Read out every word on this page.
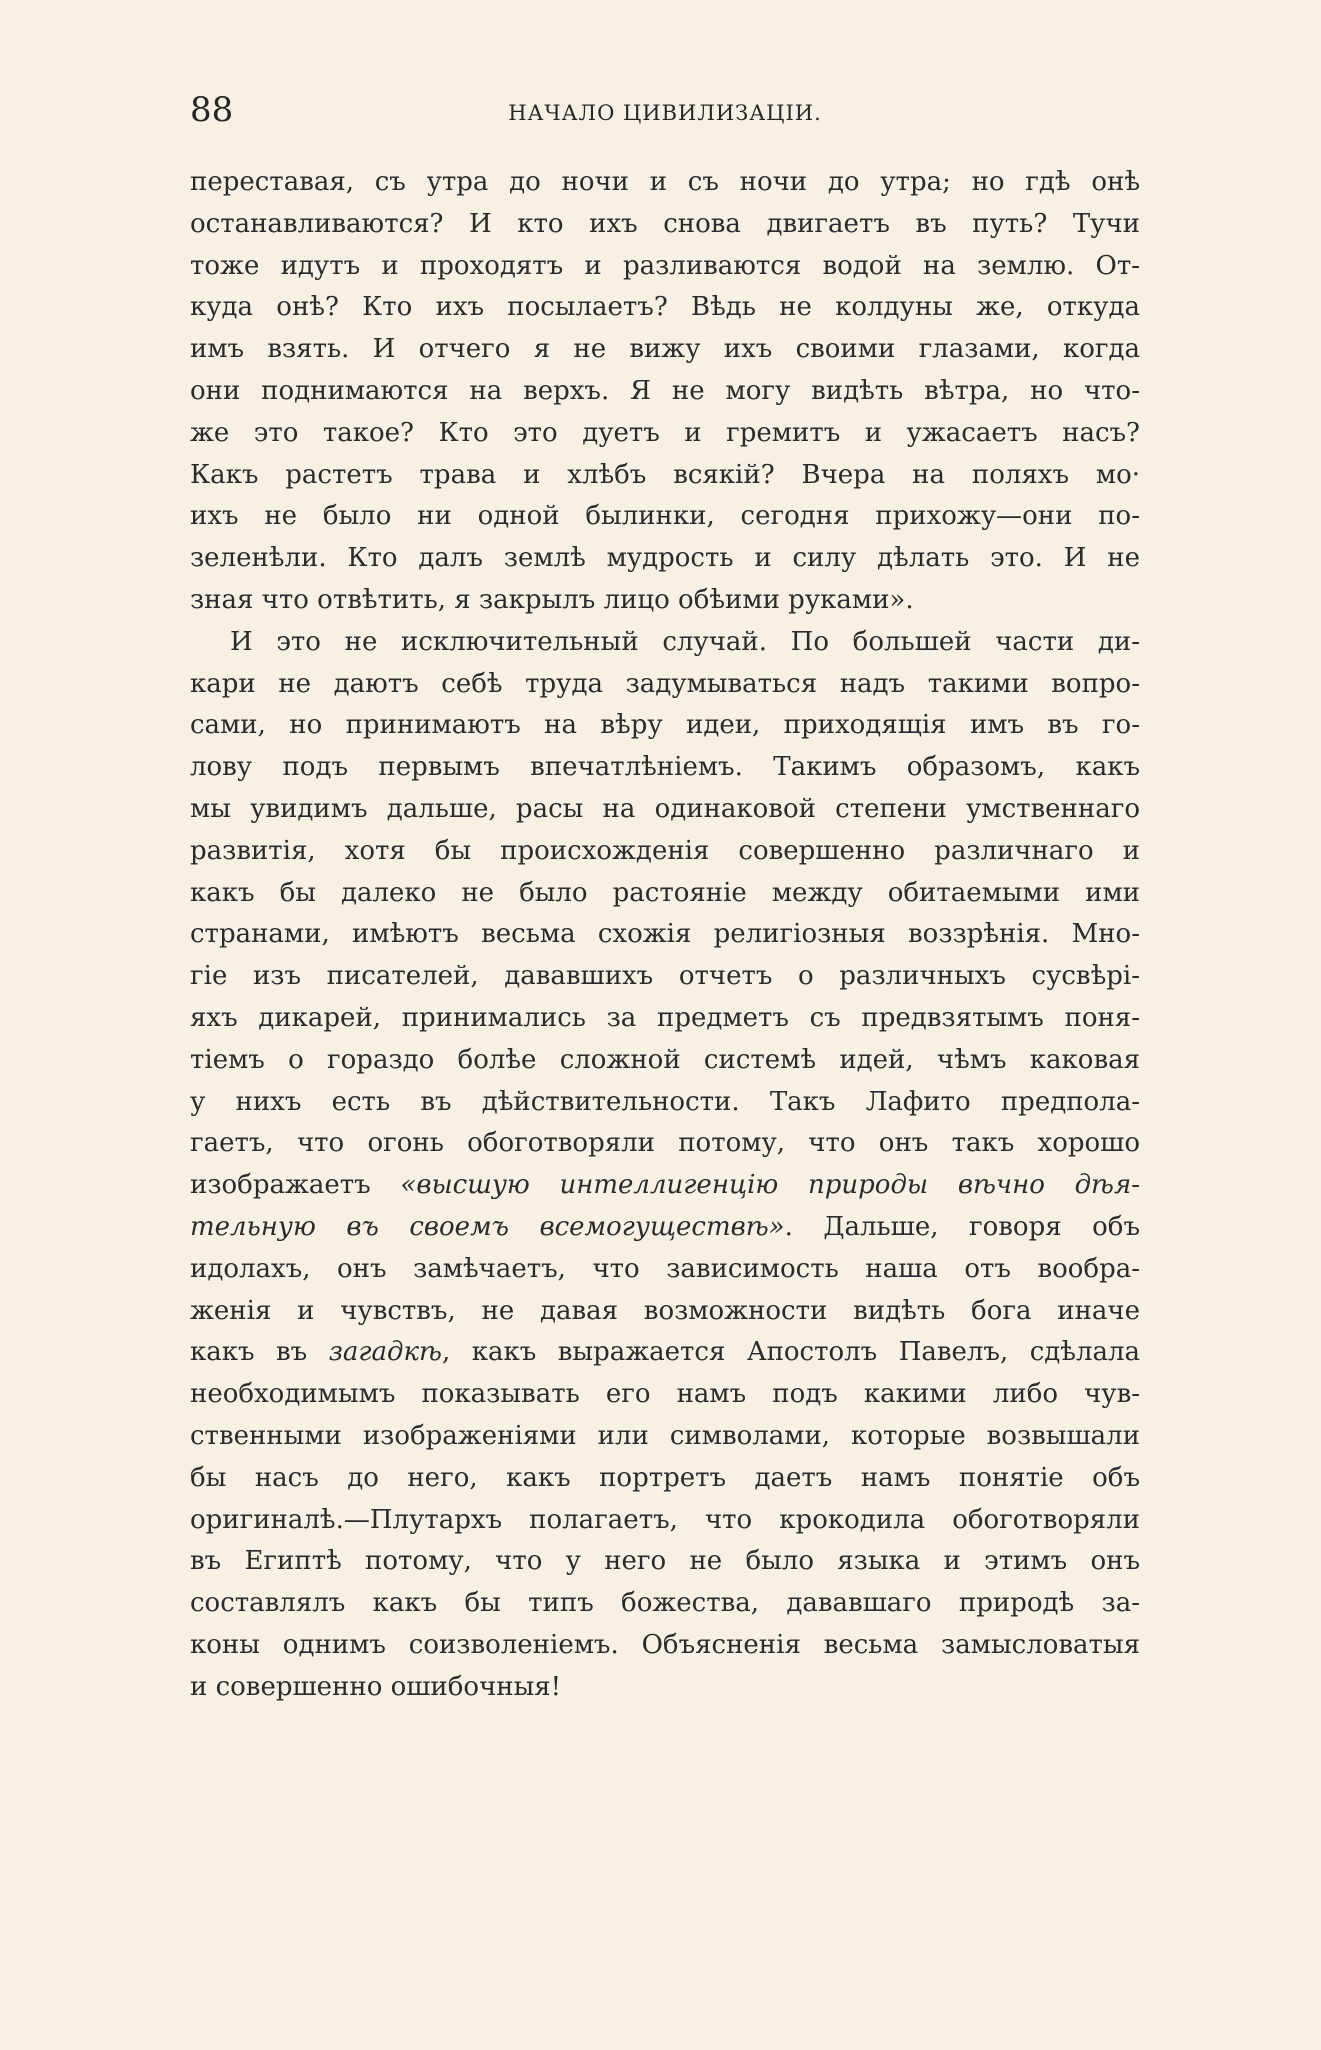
88	НАЧАЛО ЦИВИЛИЗАЦІИ.
переставая, съ утра до ночи и съ ночи до утра; но гдѣ онѣ
останавливаются? И кто ихъ снова двигаетъ въ путь? Тучи
тоже идутъ и проходятъ и разливаются водой на землю. От-
куда онѣ? Кто ихъ посылаетъ? Вѣдь не колдуны же, откуда
имъ взять. И отчего я не вижу ихъ своими глазами, когда
они поднимаются на верхъ. Я не могу видѣть вѣтра, но что-
же это такое? Кто это дуетъ и гремитъ и ужасаетъ насъ?
Какъ растетъ трава и хлѣбъ всякій? Вчера на поляхъ мо·
ихъ не было ни одной былинки, сегодня прихожу—они по-
зеленѣли. Кто далъ землѣ мудрость и силу дѣлать это. И не
зная что отвѣтить, я закрылъ лицо обѣими руками».
И это не исключительный случай. По большей части ди-
кари не даютъ себѣ труда задумываться надъ такими вопро-
сами, но принимаютъ на вѣру идеи, приходящія имъ въ го-
лову подъ первымъ впечатлѣніемъ. Такимъ образомъ, какъ
мы увидимъ дальше, расы на одинаковой степени умственнаго
развитія, хотя бы происхожденія совершенно различнаго и
какъ бы далеко не было растояніе между обитаемыми ими
странами, имѣютъ весьма схожія религіозныя воззрѣнія. Мно-
гіе изъ писателей, дававшихъ отчетъ о различныхъ сусвѣрі-
яхъ дикарей, принимались за предметъ съ предвзятымъ поня-
тіемъ о гораздо болѣе сложной системѣ идей, чѣмъ каковая
у нихъ есть въ дѣйствительности. Такъ Лафито предпола-
гаетъ, что огонь обоготворяли потому, что онъ такъ хорошо
изображаетъ «высшую интеллигенцію природы вѣчно дѣя-
тельную въ своемъ всемогуществѣ». Дальше, говоря объ
идолахъ, онъ замѣчаетъ, что зависимость наша отъ вообра-
женія и чувствъ, не давая возможности видѣть бога иначе
какъ въ загадкѣ, какъ выражается Апостолъ Павелъ, сдѣлала
необходимымъ показывать его намъ подъ какими либо чув-
ственными изображеніями или символами, которые возвышали
бы насъ до него, какъ портретъ даетъ намъ понятіе объ
оригиналѣ.—Плутархъ полагаетъ, что крокодила обоготворяли
въ Египтѣ потому, что у него не было языка и этимъ онъ
составлялъ какъ бы типъ божества, дававшаго природѣ за-
коны однимъ соизволеніемъ. Объясненія весьма замысловатыя
и совершенно ошибочныя!
